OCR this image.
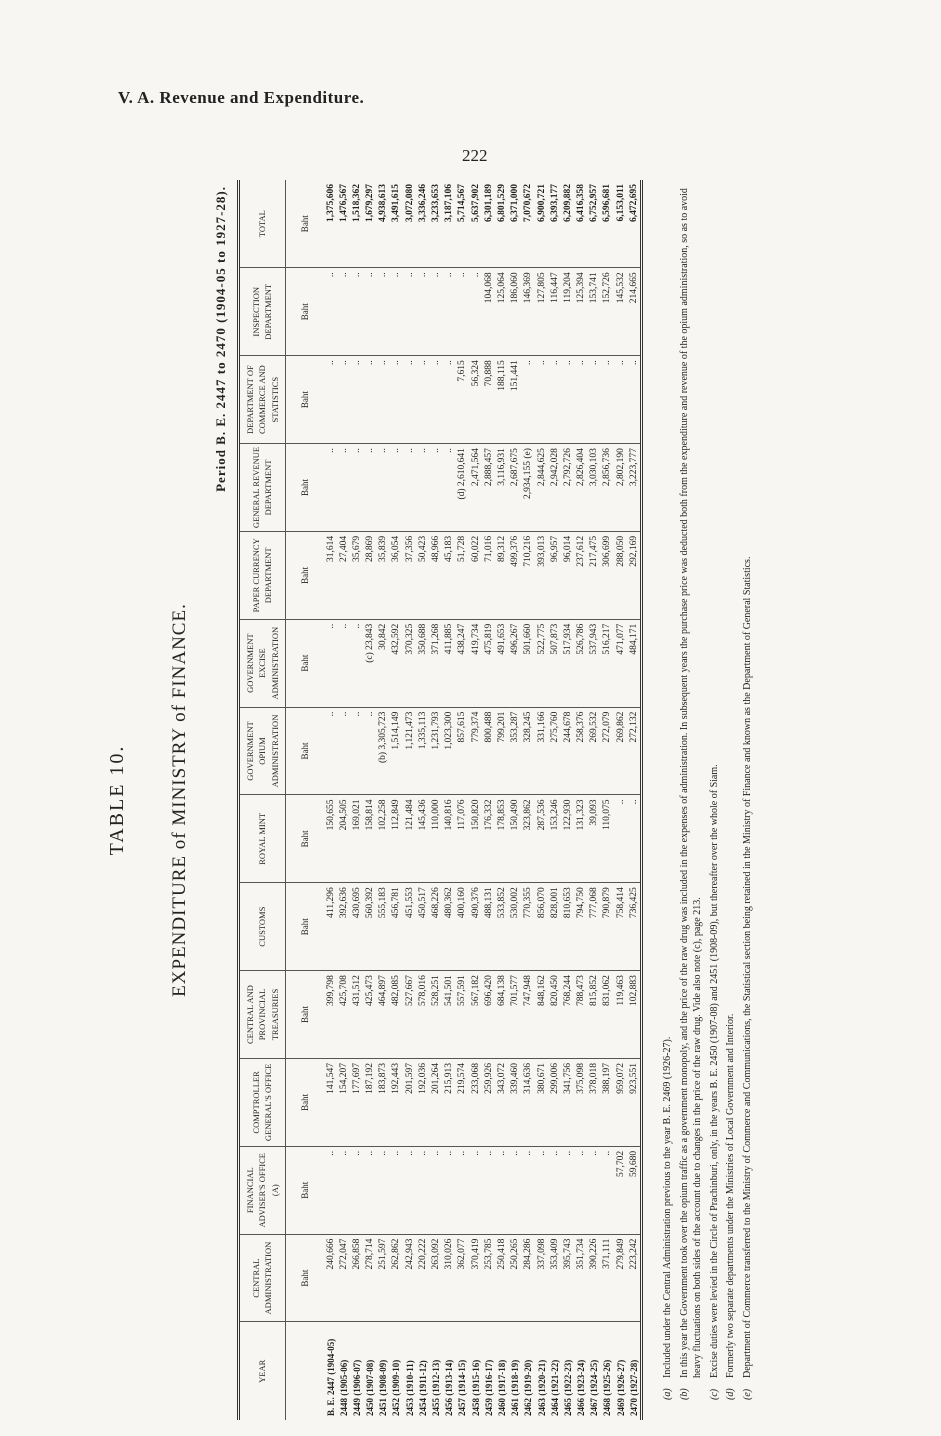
V. A. Revenue and Expenditure.
222
TABLE 10. EXPENDITURE of MINISTRY of FINANCE.
Period B. E. 2447 to 2470 (1904-05 to 1927-28).
YEAR	CENTRAL ADMINISTRATION	FINANCIAL ADVISER'S OFFICE (A)	COMPTROLLER GENERAL'S OFFICE	CENTRAL AND PROVINCIAL TREASURIES	CUSTOMS	ROYAL MINT	GOVERNMENT OPIUM ADMINISTRATION	GOVERNMENT EXCISE ADMINISTRATION	PAPER CURRENCY DEPARTMENT	GENERAL REVENUE DEPARTMENT	DEPARTMENT OF COMMERCE AND STATISTICS	INSPECTION DEPARTMENT	TOTAL
	Baht	Baht	Baht	Baht	Baht	Baht	Baht	Baht	Baht	Baht	Baht	Baht	Baht
B. E. 2447 (1904-05)	240,666	..	141,547	399,798	411,296	150,655	..	..	31,614	..	..	..	1,375,606
2448 (1905-06)	272,047	..	154,207	425,708	392,636	204,505	..	..	27,404	..	..	..	1,476,567
2449 (1906-07)	266,858	..	177,697	431,512	430,695	169,021	..	..	35,679	..	..	..	1,518,362
2450 (1907-08)	278,714	..	187,192	425,473	560,392	158,814	..	(c) 23,843	28,869	..	..	..	1,679,297
2451 (1908-09)	251,597	..	183,873	464,897	555,183	102,258	(b) 3,305,723	30,842	35,839	..	..	..	4,938,613
2452 (1909-10)	262,862	..	192,443	482,085	456,781	112,849	1,514,149	432,592	36,054	..	..	..	3,491,615
2453 (1910-11)	242,943	..	201,597	527,667	451,553	121,484	1,121,473	370,325	37,356	..	..	..	3,072,080
2454 (1911-12)	220,222	..	192,036	578,016	450,517	145,436	1,335,113	350,688	50,423	..	..	..	3,336,246
2455 (1912-13)	263,092	..	201,264	528,251	468,226	110,000	1,231,793	371,268	48,966	..	..	..	3,233,653
2456 (1913-14)	310,026	..	215,913	541,501	480,362	140,816	1,023,300	411,885	45,183	..	..	..	3,187,106
2457 (1914-15)	362,077	..	219,574	557,591	400,160	117,076	857,615	438,247	51,728	(d) 2,610,641	7,615	..	5,714,567
2458 (1915-16)	370,419	..	233,068	567,182	490,376	150,820	779,374	419,734	60,022	2,471,564	56,324	..	5,637,902
2459 (1916-17)	253,785	..	259,926	696,420	488,131	176,332	800,488	475,819	71,016	2,888,457	70,888	104,068	6,301,189
2460 (1917-18)	250,418	..	343,072	684,138	533,852	178,853	799,201	491,653	89,312	3,116,931	188,115	125,064	6,801,529
2461 (1918-19)	250,265	..	339,460	701,577	530,002	150,490	353,287	496,267	499,376	2,687,675	151,441	186,060	6,371,000
2462 (1919-20)	284,286	..	314,636	747,948	770,355	323,862	328,245	501,660	710,216	2,934,155 (e)	..	146,369	7,070,672
2463 (1920-21)	337,098	..	380,671	848,162	856,070	287,536	331,166	522,775	393,013	2,844,625	..	127,805	6,900,721
2464 (1921-22)	353,409	..	299,006	820,450	828,001	153,246	275,760	507,873	96,957	2,942,028	..	116,447	6,393,177
2465 (1922-23)	395,743	..	341,756	768,244	810,653	122,930	244,678	517,934	96,014	2,792,726	..	119,204	6,209,882
2466 (1923-24)	351,734	..	375,098	788,473	794,750	131,323	258,376	526,786	237,612	2,826,404	..	125,394	6,416,358
2467 (1924-25)	390,226	..	378,018	815,852	777,068	39,093	269,532	537,943	217,475	3,030,103	..	153,741	6,752,957
2468 (1925-26)	371,111	..	388,197	831,062	790,879	110,075	272,079	516,217	306,699	2,856,736	..	152,726	6,596,681
2469 (1926-27)	279,849	57,702	959,072	119,463	758,414	..	269,862	471,077	288,050	2,802,190	..	145,532	6,153,011
2470 (1927-28)	223,242	59,680	923,551	102,883	736,425	..	272,132	484,171	292,169	3,223,777	..	214,665	6,472,695

(a)
Included under the Central Administration previous to the year B. E. 2469 (1926-27).

(b)
In this year the Government took over the opium traffic as a government monopoly, and the price of the raw drug was included in the expenses of administration. In subsequent years the purchase price was deducted both from the expenditure and revenue of the opium administration, so as to avoid heavy fluctuations on both sides of the account due to changes in the price of the raw drug. Vide also note (c), page 213.

(c)
Excise duties were levied in the Circle of Prachinburi, only, in the years B. E. 2450 (1907-08) and 2451 (1908-09), but thereafter over the whole of Siam.

(d)
Formerly two separate departments under the Ministries of Local Government and Interior.

(e)
Department of Commerce transferred to the Ministry of Commerce and Communications, the Statistical section being retained in the Ministry of Finance and known as the Department of General Statistics.
